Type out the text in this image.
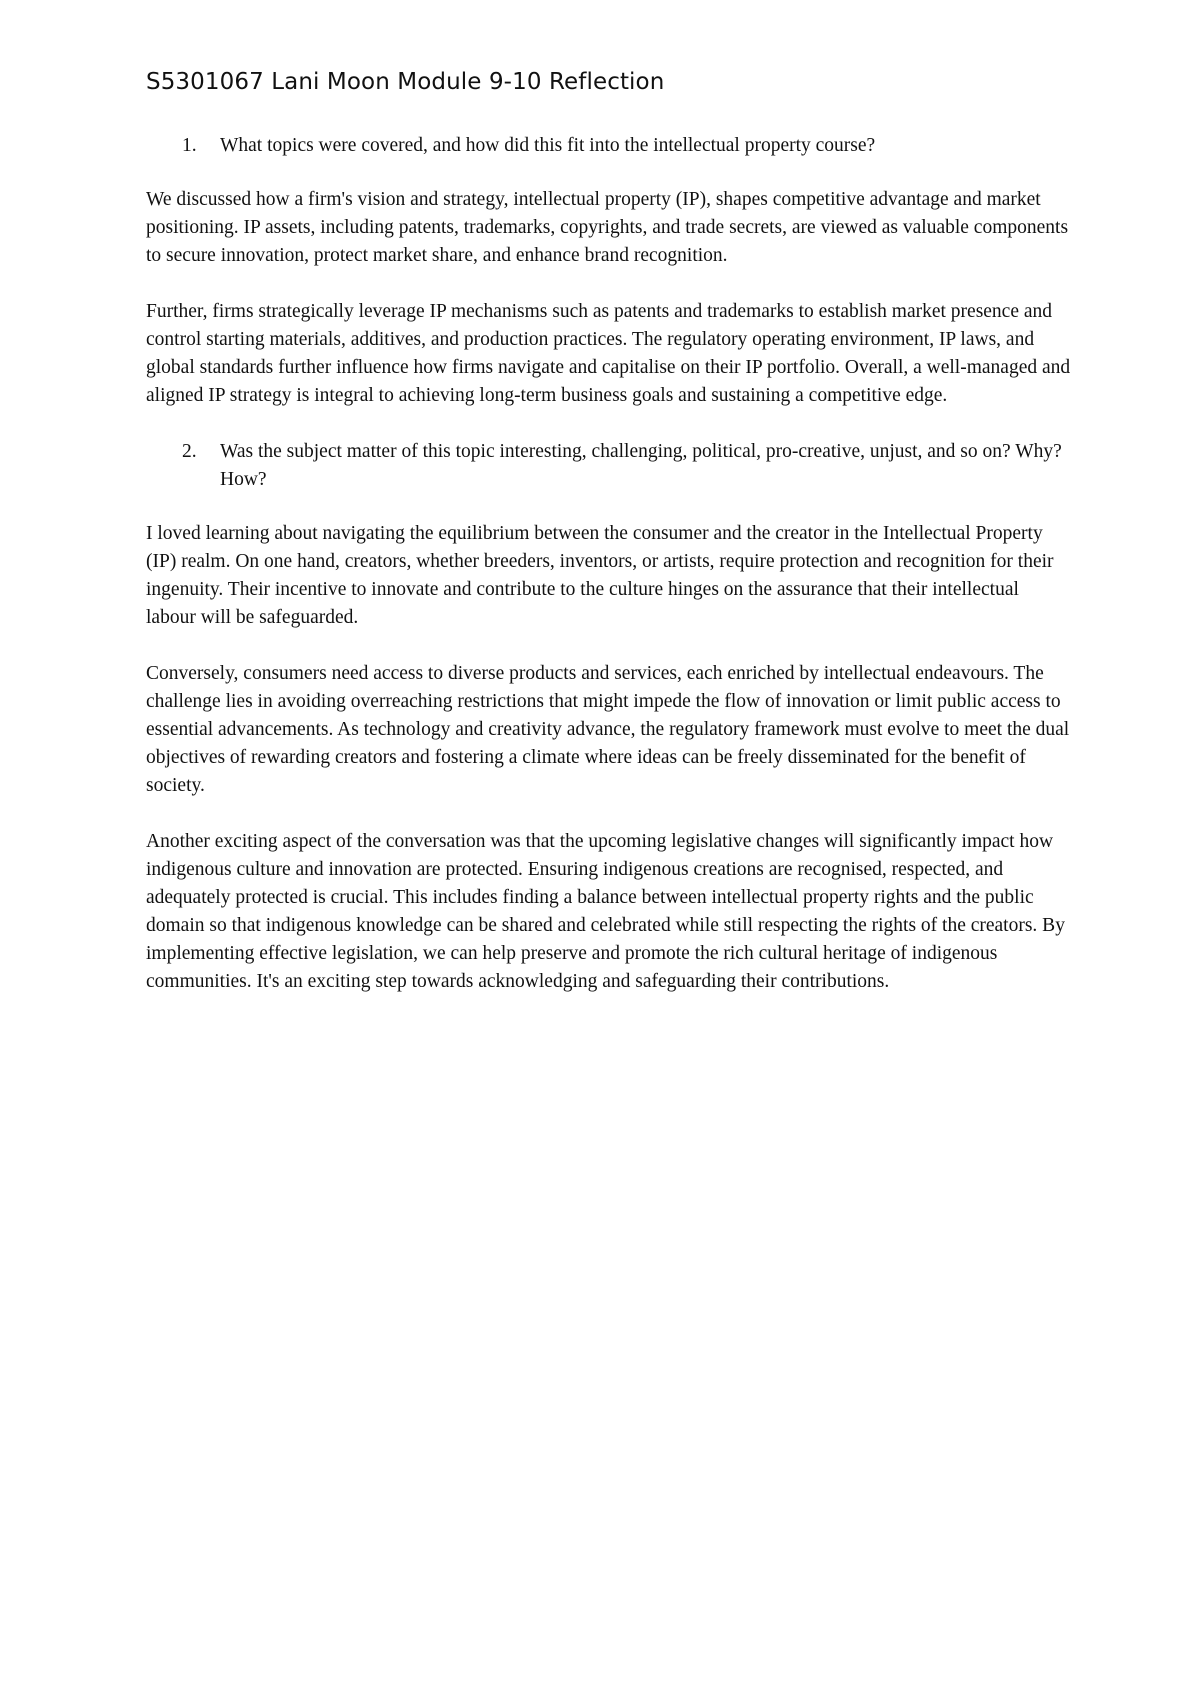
S5301067 Lani Moon Module 9-10 Reflection
1.	What topics were covered, and how did this fit into the intellectual property course?

We discussed how a firm's vision and strategy, intellectual property (IP), shapes competitive advantage and market positioning. IP assets, including patents, trademarks, copyrights, and trade secrets, are viewed as valuable components to secure innovation, protect market share, and enhance brand recognition.

Further, firms strategically leverage IP mechanisms such as patents and trademarks to establish market presence and control starting materials, additives, and production practices. The regulatory operating environment, IP laws, and global standards further influence how firms navigate and capitalise on their IP portfolio. Overall, a well-managed and aligned IP strategy is integral to achieving long-term business goals and sustaining a competitive edge.

2.	Was the subject matter of this topic interesting, challenging, political, pro-creative, unjust, and so on? Why? How?

I loved learning about navigating the equilibrium between the consumer and the creator in the Intellectual Property (IP) realm. On one hand, creators, whether breeders, inventors, or artists, require protection and recognition for their ingenuity. Their incentive to innovate and contribute to the culture hinges on the assurance that their intellectual labour will be safeguarded.

Conversely, consumers need access to diverse products and services, each enriched by intellectual endeavours. The challenge lies in avoiding overreaching restrictions that might impede the flow of innovation or limit public access to essential advancements. As technology and creativity advance, the regulatory framework must evolve to meet the dual objectives of rewarding creators and fostering a climate where ideas can be freely disseminated for the benefit of society.

Another exciting aspect of the conversation was that the upcoming legislative changes will significantly impact how indigenous culture and innovation are protected. Ensuring indigenous creations are recognised, respected, and adequately protected is crucial. This includes finding a balance between intellectual property rights and the public domain so that indigenous knowledge can be shared and celebrated while still respecting the rights of the creators. By implementing effective legislation, we can help preserve and promote the rich cultural heritage of indigenous communities. It's an exciting step towards acknowledging and safeguarding their contributions.
